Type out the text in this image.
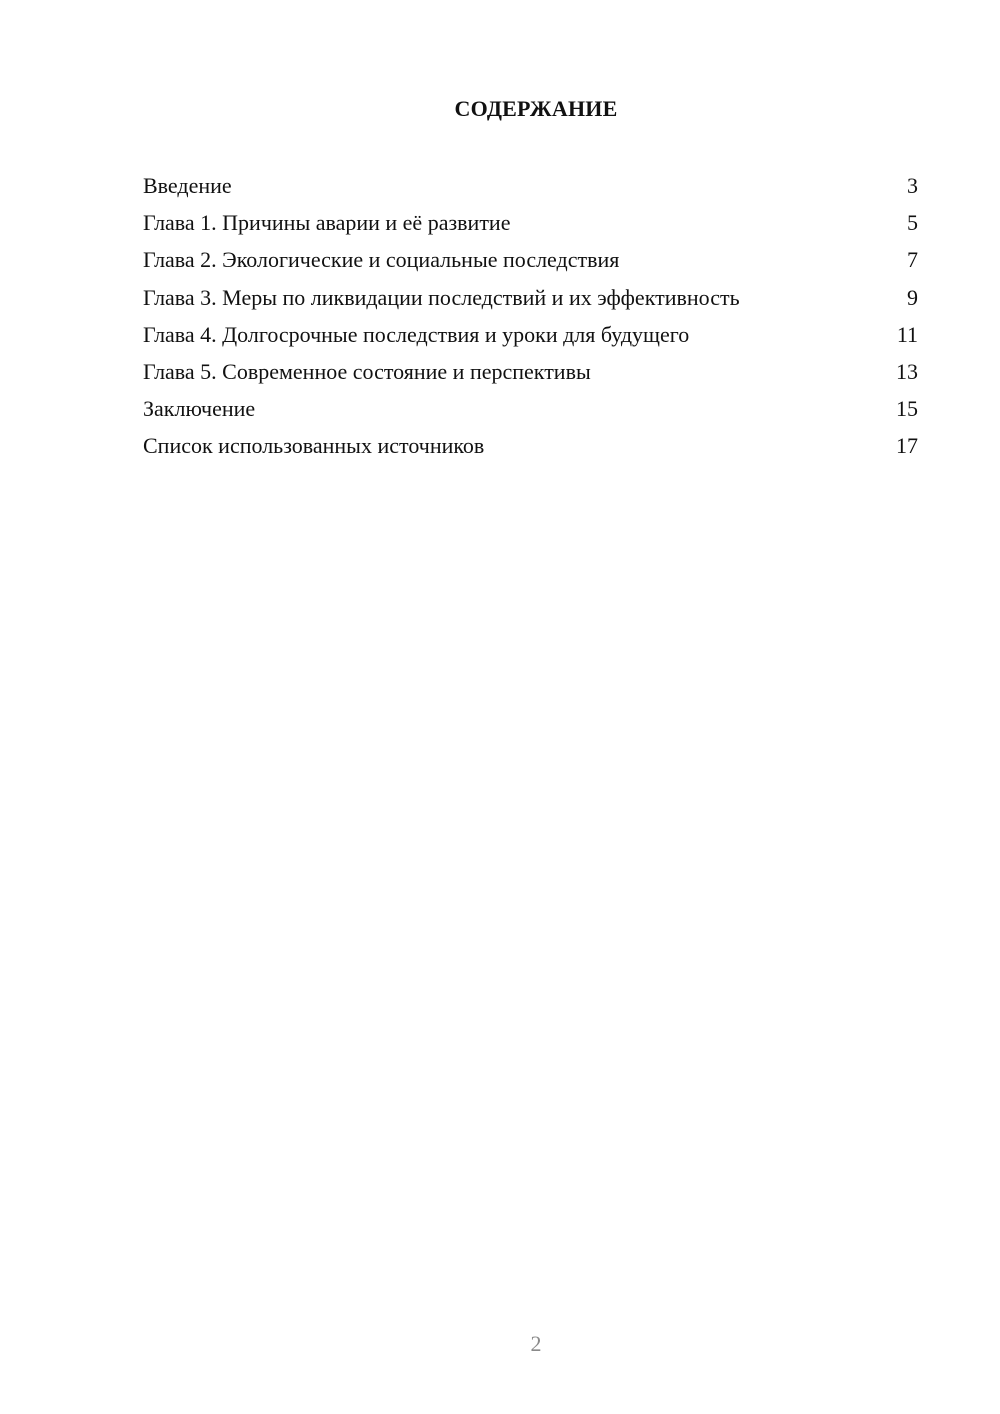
СОДЕРЖАНИЕ
Введение	3
Глава 1. Причины аварии и её развитие	5
Глава 2. Экологические и социальные последствия	7
Глава 3. Меры по ликвидации последствий и их эффективность	9
Глава 4. Долгосрочные последствия и уроки для будущего	11
Глава 5. Современное состояние и перспективы	13
Заключение	15
Список использованных источников	17
2
